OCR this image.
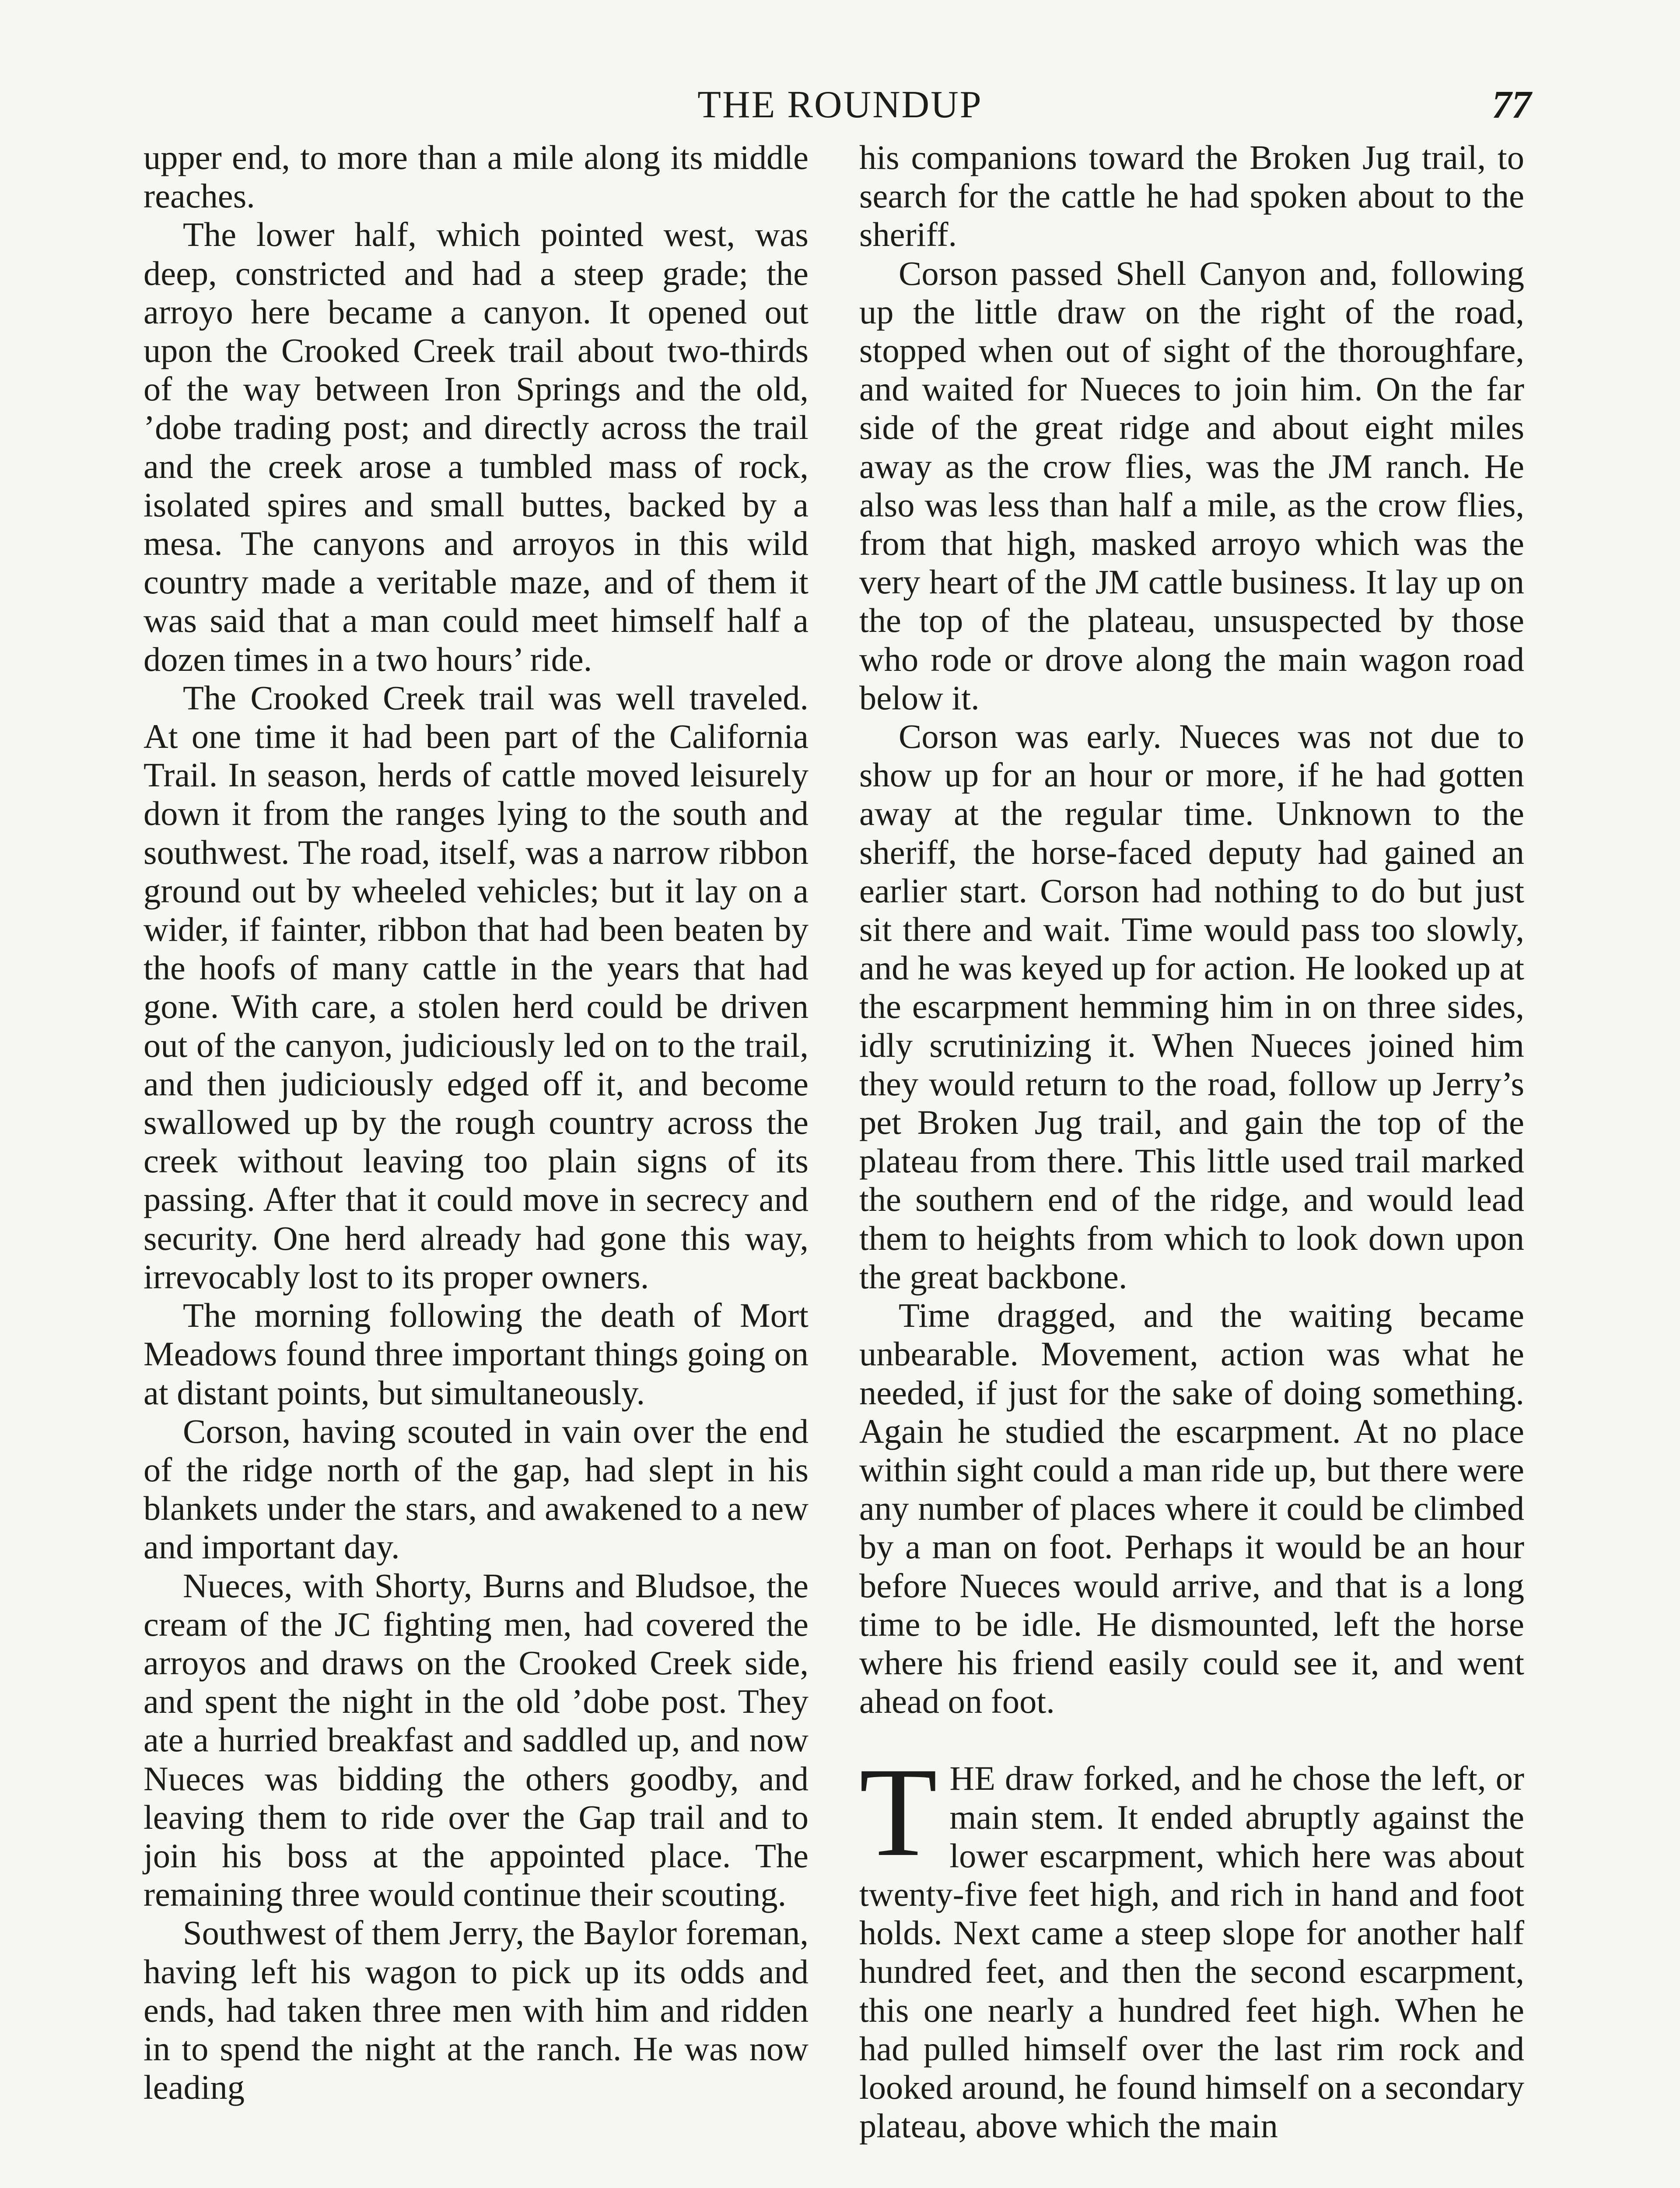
THE ROUNDUP	77

upper end, to more than a mile along its middle reaches.

The lower half, which pointed west, was deep, constricted and had a steep grade; the arroyo here became a canyon. It opened out upon the Crooked Creek trail about two-thirds of the way between Iron Springs and the old, ’dobe trading post; and directly across the trail and the creek arose a tumbled mass of rock, isolated spires and small buttes, backed by a mesa. The canyons and arroyos in this wild country made a veritable maze, and of them it was said that a man could meet himself half a dozen times in a two hours’ ride.

The Crooked Creek trail was well traveled. At one time it had been part of the California Trail. In season, herds of cattle moved leisurely down it from the ranges lying to the south and southwest. The road, itself, was a narrow ribbon ground out by wheeled vehicles; but it lay on a wider, if fainter, ribbon that had been beaten by the hoofs of many cattle in the years that had gone. With care, a stolen herd could be driven out of the canyon, judiciously led on to the trail, and then judiciously edged off it, and become swallowed up by the rough country across the creek without leaving too plain signs of its passing. After that it could move in secrecy and security. One herd already had gone this way, irrevocably lost to its proper owners.

The morning following the death of Mort Meadows found three important things going on at distant points, but simultaneously.

Corson, having scouted in vain over the end of the ridge north of the gap, had slept in his blankets under the stars, and awakened to a new and important day.

Nueces, with Shorty, Burns and Bludsoe, the cream of the JC fighting men, had covered the arroyos and draws on the Crooked Creek side, and spent the night in the old ’dobe post. They ate a hurried breakfast and saddled up, and now Nueces was bidding the others goodby, and leaving them to ride over the Gap trail and to join his boss at the appointed place. The remaining three would continue their scouting.

Southwest of them Jerry, the Baylor foreman, having left his wagon to pick up its odds and ends, had taken three men with him and ridden in to spend the night at the ranch. He was now leading

his companions toward the Broken Jug trail, to search for the cattle he had spoken about to the sheriff.

Corson passed Shell Canyon and, following up the little draw on the right of the road, stopped when out of sight of the thoroughfare, and waited for Nueces to join him. On the far side of the great ridge and about eight miles away as the crow flies, was the JM ranch. He also was less than half a mile, as the crow flies, from that high, masked arroyo which was the very heart of the JM cattle business. It lay up on the top of the plateau, unsuspected by those who rode or drove along the main wagon road below it.

Corson was early. Nueces was not due to show up for an hour or more, if he had gotten away at the regular time. Unknown to the sheriff, the horse-faced deputy had gained an earlier start. Corson had nothing to do but just sit there and wait. Time would pass too slowly, and he was keyed up for action. He looked up at the escarpment hemming him in on three sides, idly scrutinizing it. When Nueces joined him they would return to the road, follow up Jerry’s pet Broken Jug trail, and gain the top of the plateau from there. This little used trail marked the southern end of the ridge, and would lead them to heights from which to look down upon the great backbone.

Time dragged, and the waiting became unbearable. Movement, action was what he needed, if just for the sake of doing something. Again he studied the escarpment. At no place within sight could a man ride up, but there were any number of places where it could be climbed by a man on foot. Perhaps it would be an hour before Nueces would arrive, and that is a long time to be idle. He dismounted, left the horse where his friend easily could see it, and went ahead on foot.

T HE draw forked, and he chose the left, or main stem. It ended abruptly against the lower escarpment, which here was about twenty-five feet high, and rich in hand and foot holds. Next came a steep slope for another half hundred feet, and then the second escarpment, this one nearly a hundred feet high. When he had pulled himself over the last rim rock and looked around, he found himself on a secondary plateau, above which the main
